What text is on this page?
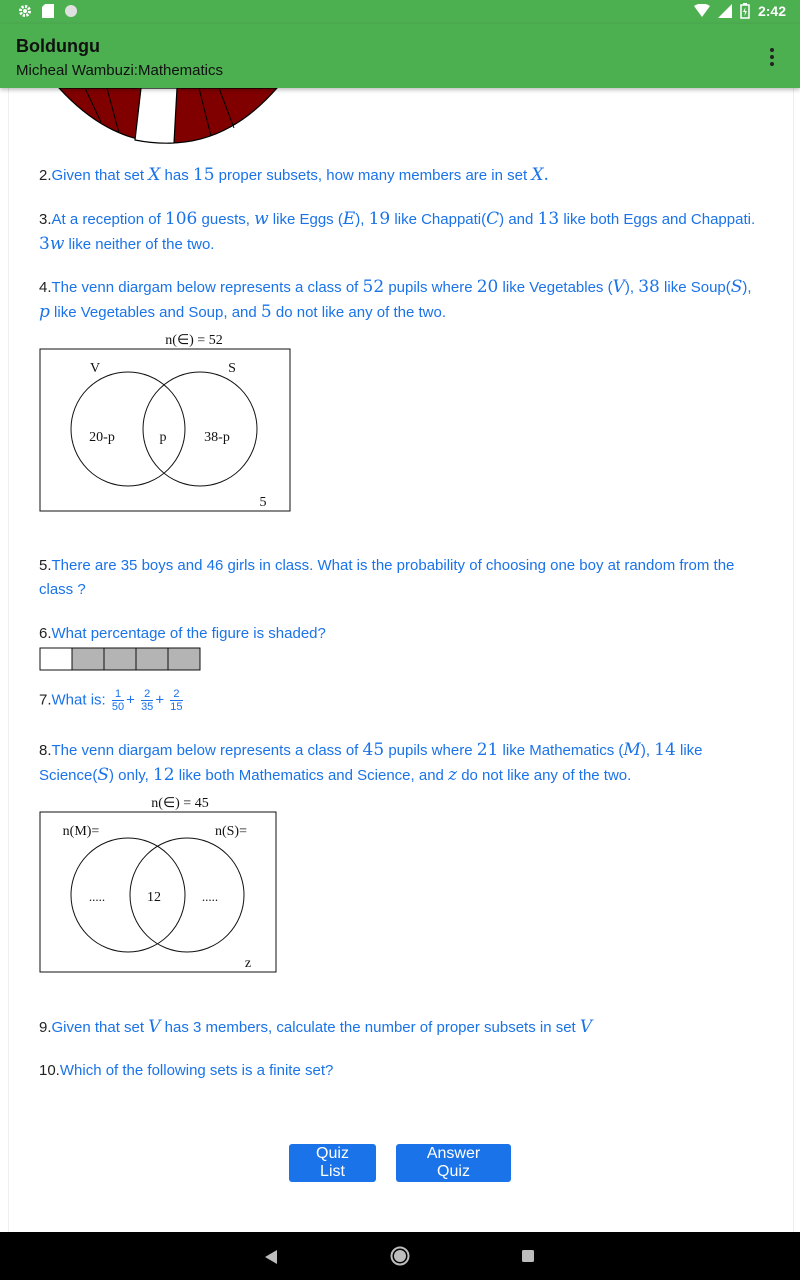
2:42
Boldungu
Micheal Wambuzi:Mathematics
2.Given that set X has 15 proper subsets, how many members are in set X.
3.At a reception of 106 guests, w like Eggs (E), 19 like Chappati(C) and 13 like both Eggs and Chappati. 3w like neither of the two.
4.The venn diargam below represents a class of 52 pupils where 20 like Vegetables (V), 38 like Soup(S), p like Vegetables and Soup, and 5 do not like any of the two.
n(∈) = 52
V	S
20-p	p	38-p
5
5.There are 35 boys and 46 girls in class. What is the probability of choosing one boy at random from the class ?
6.What percentage of the figure is shaded?
7.What is: $\frac{1}{50} + \frac{2}{35} + \frac{2}{15}$
8.The venn diargam below represents a class of 45 pupils where 21 like Mathematics (M), 14 like Science(S) only, 12 like both Mathematics and Science, and z do not like any of the two.
n(∈) = 45
n(M)=	n(S)=
.....	12	.....
z
9.Given that set V has 3 members, calculate the number of proper subsets in set V
10.Which of the following sets is a finite set?
Quiz List
Answer Quiz
